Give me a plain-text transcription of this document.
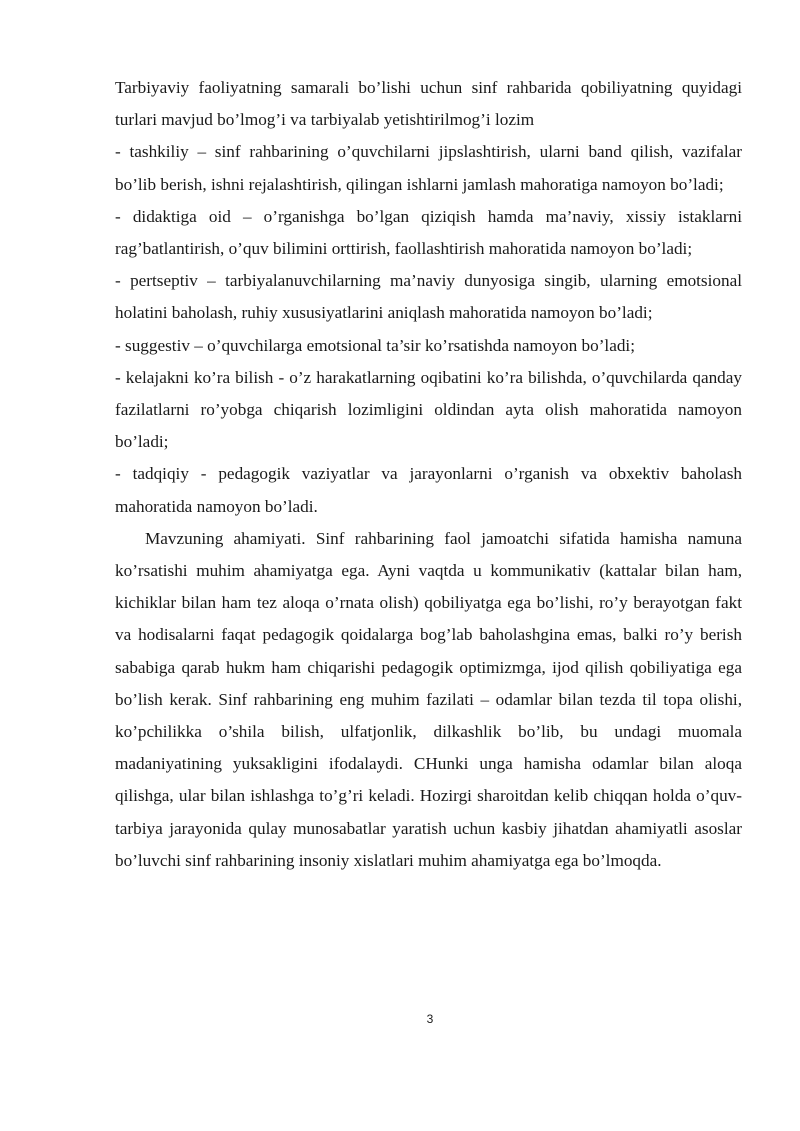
Tarbiyaviy faoliyatning samarali bo’lishi uchun sinf rahbarida qobiliyatning quyidagi turlari mavjud bo’lmog’i va tarbiyalab yetishtirilmog’i lozim

- tashkiliy – sinf rahbarining o’quvchilarni jipslashtirish, ularni band qilish, vazifalar bo’lib berish, ishni rejalashtirish, qilingan ishlarni jamlash mahoratiga namoyon bo’ladi;

- didaktiga oid – o’rganishga bo’lgan qiziqish hamda ma’naviy, xissiy istaklarni rag’batlantirish, o’quv bilimini orttirish, faollashtirish mahoratida namoyon bo’ladi;

- pertseptiv – tarbiyalanuvchilarning ma’naviy dunyosiga singib, ularning emotsional holatini baholash, ruhiy xususiyatlarini aniqlash mahoratida namoyon bo’ladi;

- suggestiv – o’quvchilarga emotsional ta’sir ko’rsatishda namoyon bo’ladi;

- kelajakni ko’ra bilish - o’z harakatlarning oqibatini ko’ra bilishda, o’quvchilarda qanday fazilatlarni ro’yobga chiqarish lozimligini oldindan ayta olish mahoratida namoyon bo’ladi;

- tadqiqiy - pedagogik vaziyatlar va jarayonlarni o’rganish va obxektiv baholash mahoratida namoyon bo’ladi.

Mavzuning ahamiyati. Sinf rahbarining faol jamoatchi sifatida hamisha namuna ko’rsatishi muhim ahamiyatga ega. Ayni vaqtda u kommunikativ (kattalar bilan ham, kichiklar bilan ham tez aloqa o’rnata olish) qobiliyatga ega bo’lishi, ro’y berayotgan fakt va hodisalarni faqat pedagogik qoidalarga bog’lab baholashgina emas, balki ro’y berish sababiga qarab hukm ham chiqarishi pedagogik optimizmga, ijod qilish qobiliyatiga ega bo’lish kerak. Sinf rahbarining eng muhim fazilati – odamlar bilan tezda til topa olishi, ko’pchilikka o’shila bilish, ulfatjonlik, dilkashlik bo’lib, bu undagi muomala madaniyatining yuksakligini ifodalaydi. CHunki unga hamisha odamlar bilan aloqa qilishga, ular bilan ishlashga to’g’ri keladi. Hozirgi sharoitdan kelib chiqqan holda o’quv-tarbiya jarayonida qulay munosabatlar yaratish uchun kasbiy jihatdan ahamiyatli asoslar bo’luvchi sinf rahbarining insoniy xislatlari muhim ahamiyatga ega bo’lmoqda.

3
